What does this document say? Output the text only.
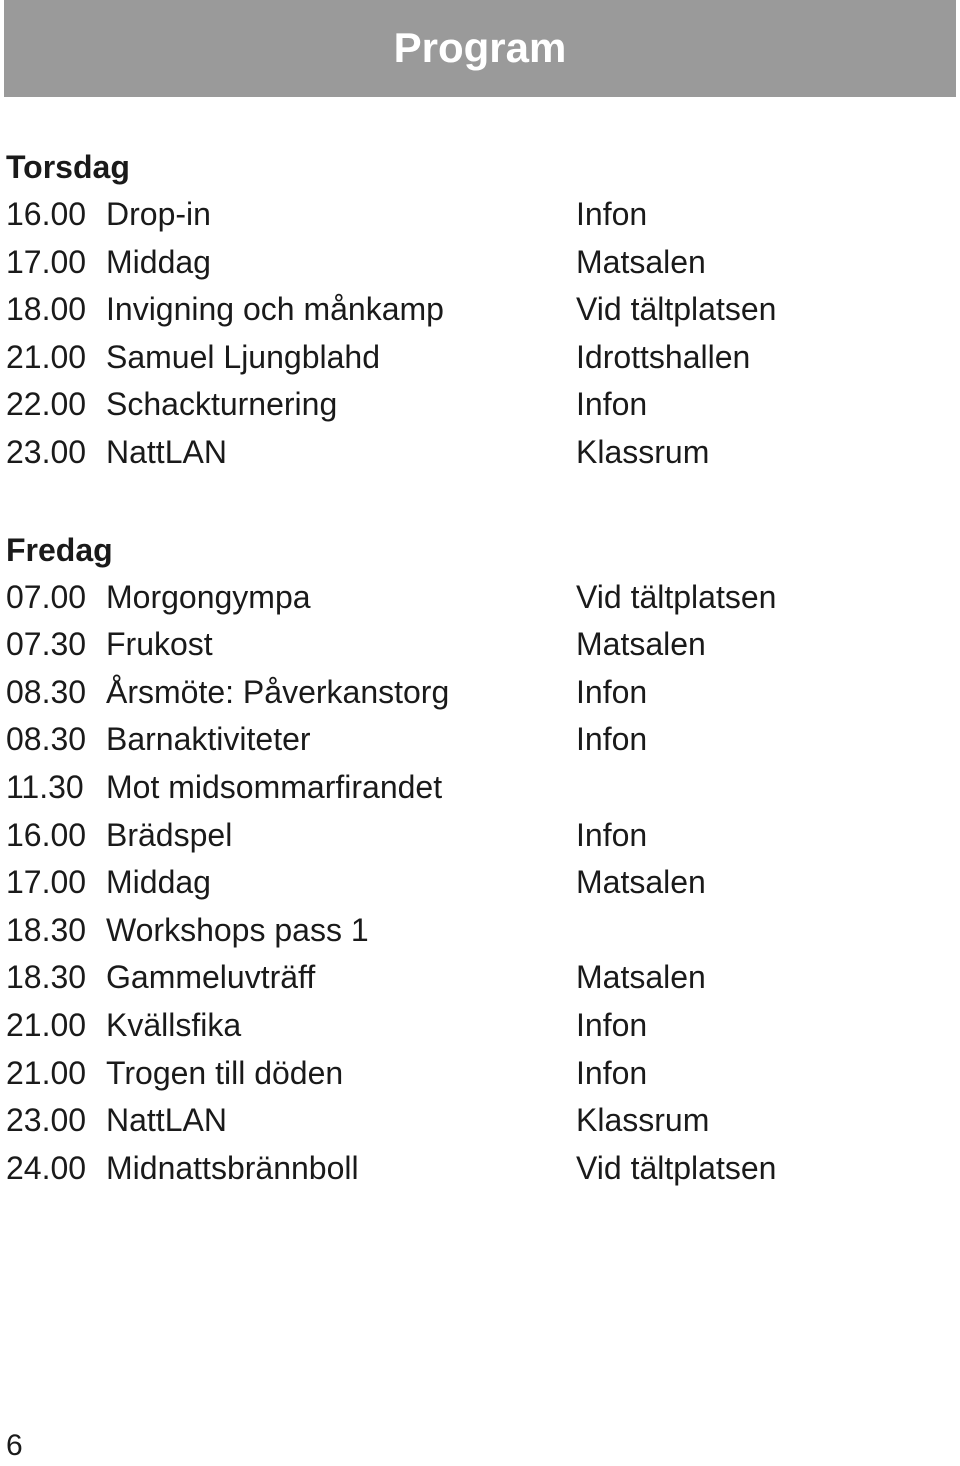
Program
Torsdag
16.00 Drop-in	Infon
17.00 Middag	Matsalen
18.00 Invigning och månkamp	Vid tältplatsen
21.00 Samuel Ljungblahd	Idrottshallen
22.00 Schackturnering	Infon
23.00 NattLAN	Klassrum
Fredag
07.00 Morgongympa	Vid tältplatsen
07.30 Frukost	Matsalen
08.30 Årsmöte: Påverkanstorg	Infon
08.30 Barnaktiviteter	Infon
11.30 Mot midsommarfirandet
16.00 Brädspel	Infon
17.00 Middag	Matsalen
18.30 Workshops pass 1
18.30 Gammeluvträff	Matsalen
21.00 Kvällsfika	Infon
21.00 Trogen till döden	Infon
23.00 NattLAN	Klassrum
24.00 Midnattsbrännboll	Vid tältplatsen
6
